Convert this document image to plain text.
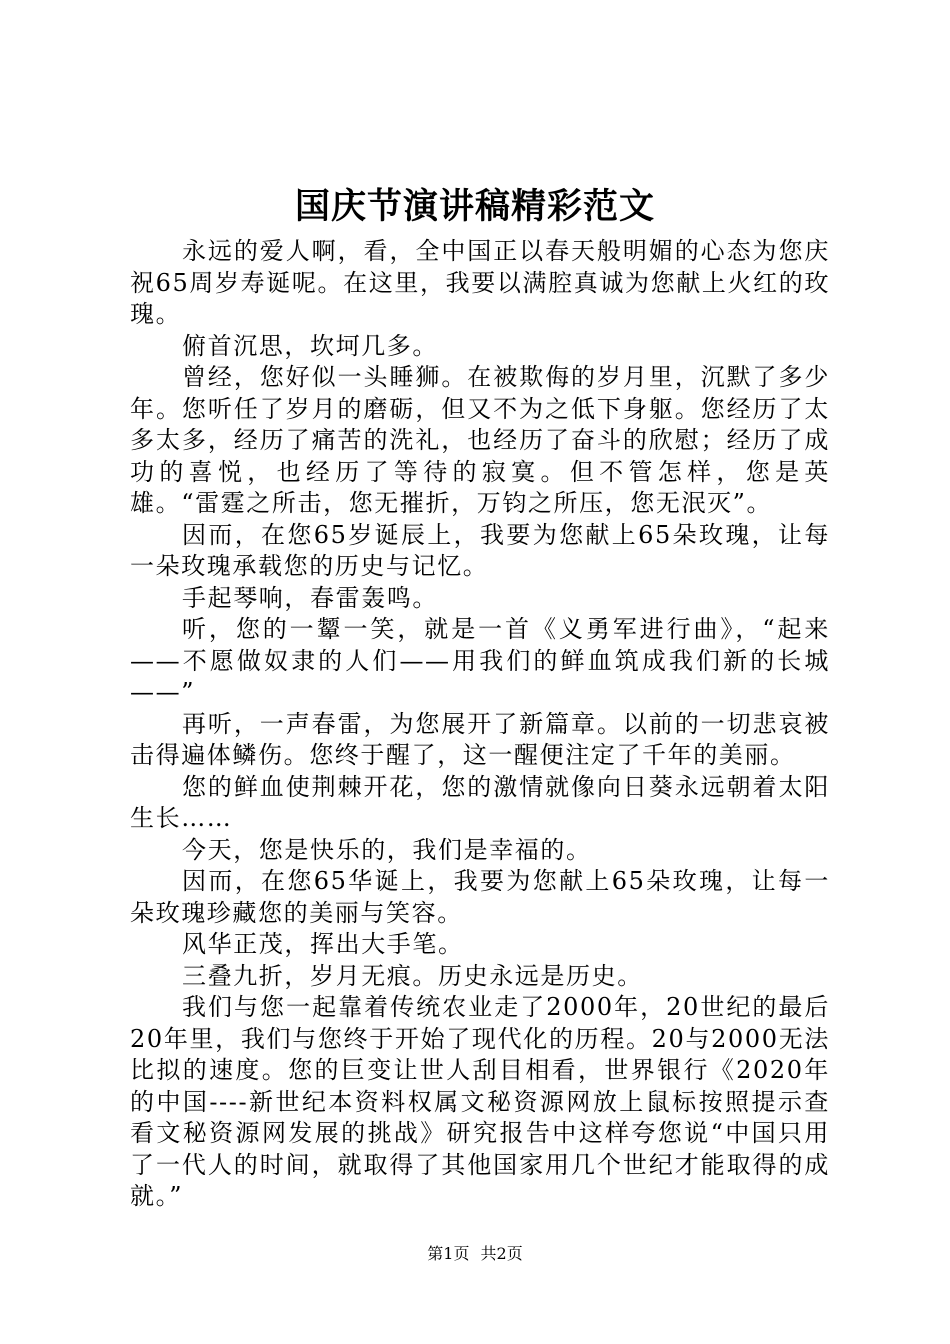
国庆节演讲稿精彩范文

永远的爱人啊，看，全中国正以春天般明媚的心态为您庆祝65周岁寿诞呢。在这里，我要以满腔真诚为您献上火红的玫瑰。

俯首沉思，坎坷几多。

曾经，您好似一头睡狮。在被欺侮的岁月里，沉默了多少年。您听任了岁月的磨砺，但又不为之低下身躯。您经历了太多太多，经历了痛苦的洗礼，也经历了奋斗的欣慰；经历了成功的喜悦，也经历了等待的寂寞。但不管怎样，您是英雄。“雷霆之所击，您无摧折，万钧之所压，您无泯灭”。

因而，在您65岁诞辰上，我要为您献上65朵玫瑰，让每一朵玫瑰承载您的历史与记忆。

手起琴响，春雷轰鸣。

听，您的一颦一笑，就是一首《义勇军进行曲》，“起来——不愿做奴隶的人们——用我们的鲜血筑成我们新的长城——”

再听，一声春雷，为您展开了新篇章。以前的一切悲哀被击得遍体鳞伤。您终于醒了，这一醒便注定了千年的美丽。

您的鲜血使荆棘开花，您的激情就像向日葵永远朝着太阳生长……

今天，您是快乐的，我们是幸福的。

因而，在您65华诞上，我要为您献上65朵玫瑰，让每一朵玫瑰珍藏您的美丽与笑容。

风华正茂，挥出大手笔。

三叠九折，岁月无痕。历史永远是历史。

我们与您一起靠着传统农业走了2000年，20世纪的最后20年里，我们与您终于开始了现代化的历程。20与2000无法比拟的速度。您的巨变让世人刮目相看，世界银行《2020年的中国----新世纪本资料权属文秘资源网放上鼠标按照提示查看文秘资源网发展的挑战》研究报告中这样夸您说“中国只用了一代人的时间，就取得了其他国家用几个世纪才能取得的成就。”

第1页 共2页
